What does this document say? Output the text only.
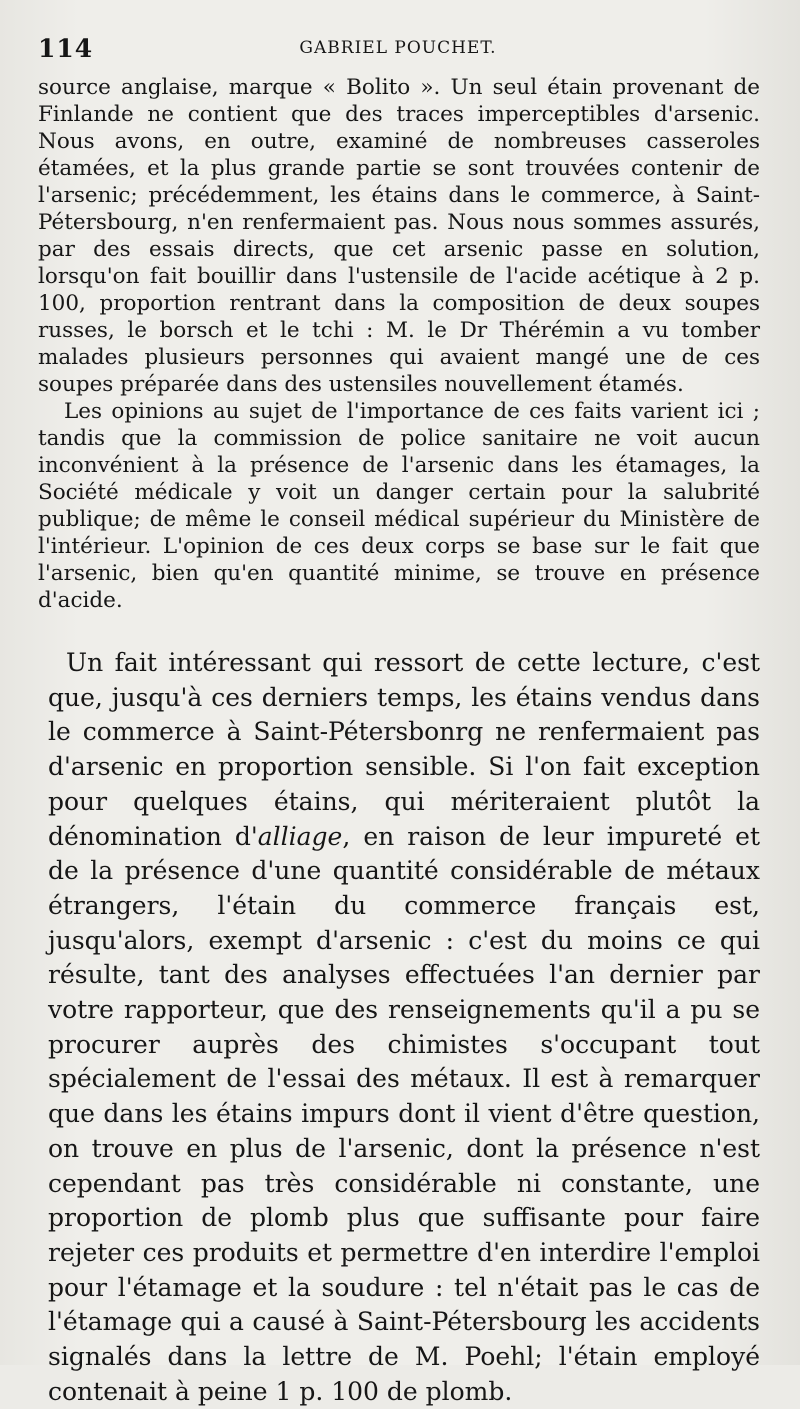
114	GABRIEL POUCHET.

source anglaise, marque « Bolito ». Un seul étain provenant de Finlande ne contient que des traces imperceptibles d'arsenic. Nous avons, en outre, examiné de nombreuses casseroles étamées, et la plus grande partie se sont trouvées contenir de l'arsenic; précédemment, les étains dans le commerce, à Saint-Pétersbourg, n'en renfermaient pas. Nous nous sommes assurés, par des essais directs, que cet arsenic passe en solution, lorsqu'on fait bouillir dans l'ustensile de l'acide acétique à 2 p. 100, proportion rentrant dans la composition de deux soupes russes, le borsch et le tchi : M. le Dr Thérémin a vu tomber malades plusieurs personnes qui avaient mangé une de ces soupes préparée dans des ustensiles nouvellement étamés.

Les opinions au sujet de l'importance de ces faits varient ici ; tandis que la commission de police sanitaire ne voit aucun inconvénient à la présence de l'arsenic dans les étamages, la Société médicale y voit un danger certain pour la salubrité publique; de même le conseil médical supérieur du Ministère de l'intérieur. L'opinion de ces deux corps se base sur le fait que l'arsenic, bien qu'en quantité minime, se trouve en présence d'acide.

Un fait intéressant qui ressort de cette lecture, c'est que, jusqu'à ces derniers temps, les étains vendus dans le commerce à Saint-Pétersbonrg ne renfermaient pas d'arsenic en proportion sensible. Si l'on fait exception pour quelques étains, qui mériteraient plutôt la dénomination d'alliage, en raison de leur impureté et de la présence d'une quantité considérable de métaux étrangers, l'étain du commerce français est, jusqu'alors, exempt d'arsenic : c'est du moins ce qui résulte, tant des analyses effectuées l'an dernier par votre rapporteur, que des renseignements qu'il a pu se procurer auprès des chimistes s'occupant tout spécialement de l'essai des métaux. Il est à remarquer que dans les étains impurs dont il vient d'être question, on trouve en plus de l'arsenic, dont la présence n'est cependant pas très considérable ni constante, une proportion de plomb plus que suffisante pour faire rejeter ces produits et permettre d'en interdire l'emploi pour l'étamage et la soudure : tel n'était pas le cas de l'étamage qui a causé à Saint-Pétersbourg les accidents signalés dans la lettre de M. Poehl; l'étain employé contenait à peine 1 p. 100 de plomb.
